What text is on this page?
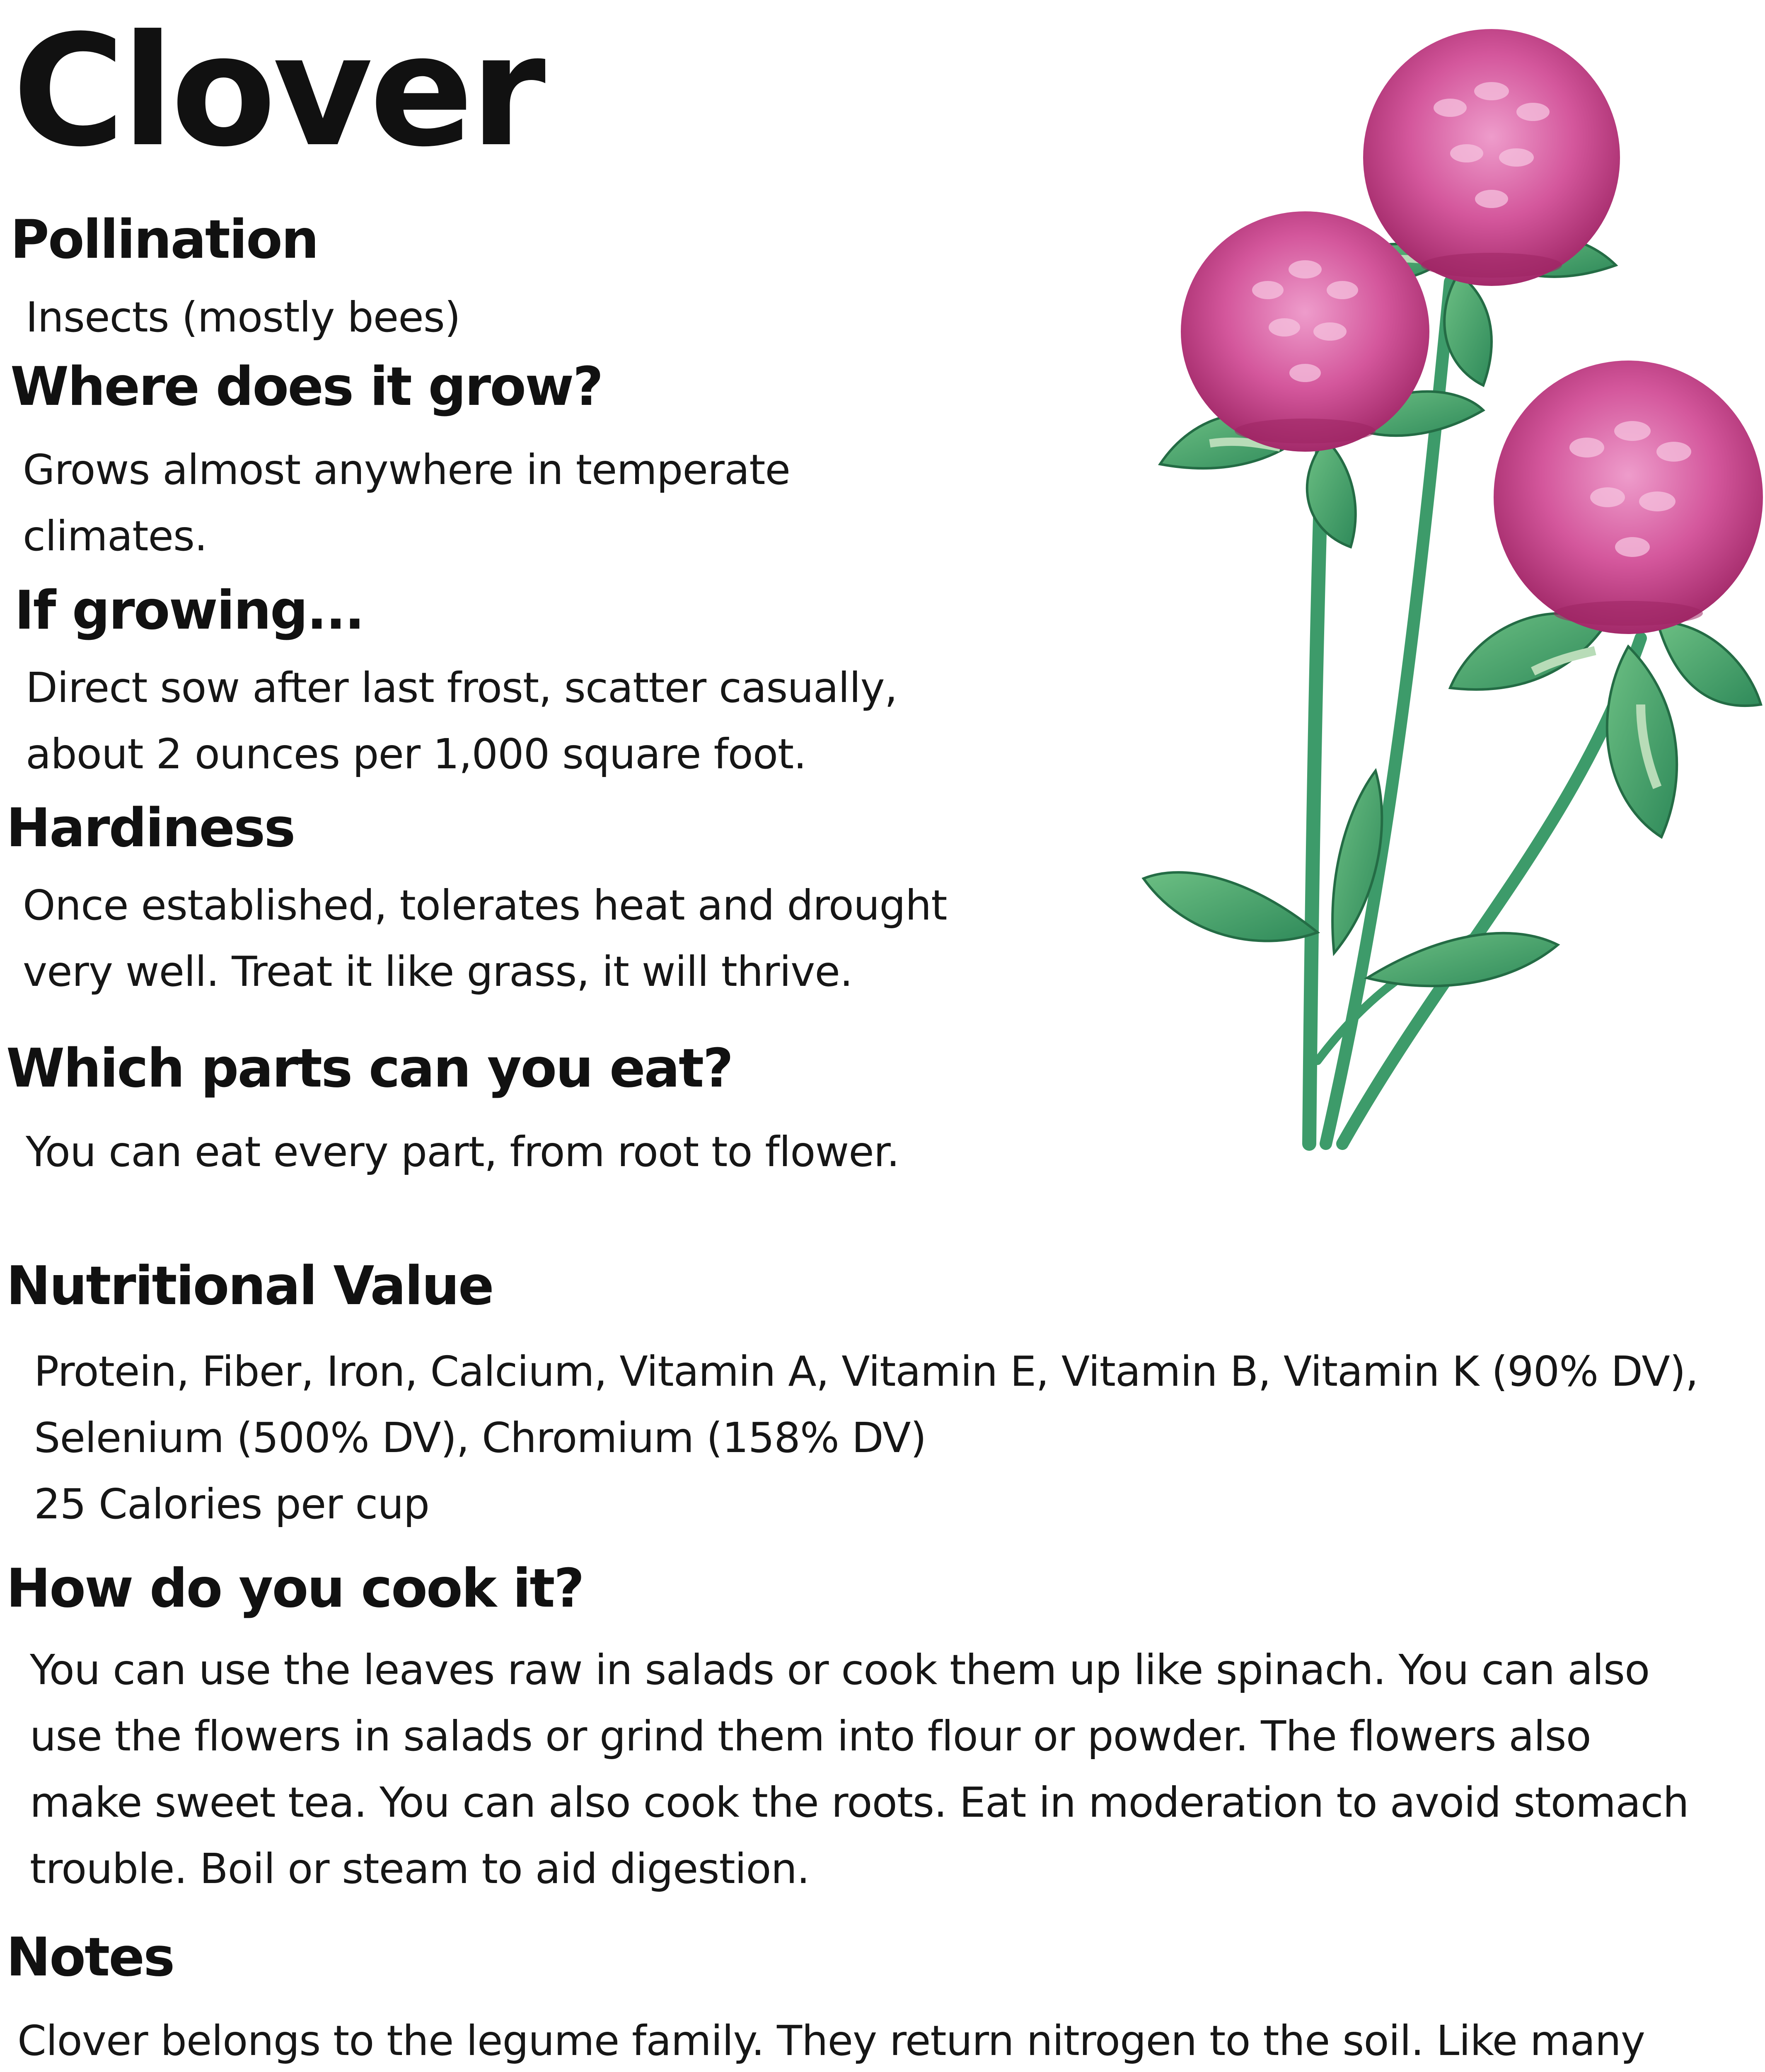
Clover
Pollination
Insects (mostly bees)
Where does it grow?
Grows almost anywhere in temperate
climates.
If growing...
Direct sow after last frost, scatter casually,
about 2 ounces per 1,000 square foot.
Hardiness
Once established, tolerates heat and drought
very well. Treat it like grass, it will thrive.
Which parts can you eat?
You can eat every part, from root to flower.
Nutritional Value
Protein, Fiber, Iron, Calcium, Vitamin A, Vitamin E, Vitamin B, Vitamin K (90% DV),
Selenium (500% DV), Chromium (158% DV)
25 Calories per cup
How do you cook it?
You can use the leaves raw in salads or cook them up like spinach. You can also
use the flowers in salads or grind them into flour or powder. The flowers also
make sweet tea. You can also cook the roots. Eat in moderation to avoid stomach
trouble. Boil or steam to aid digestion.
Notes
Clover belongs to the legume family. They return nitrogen to the soil. Like many
